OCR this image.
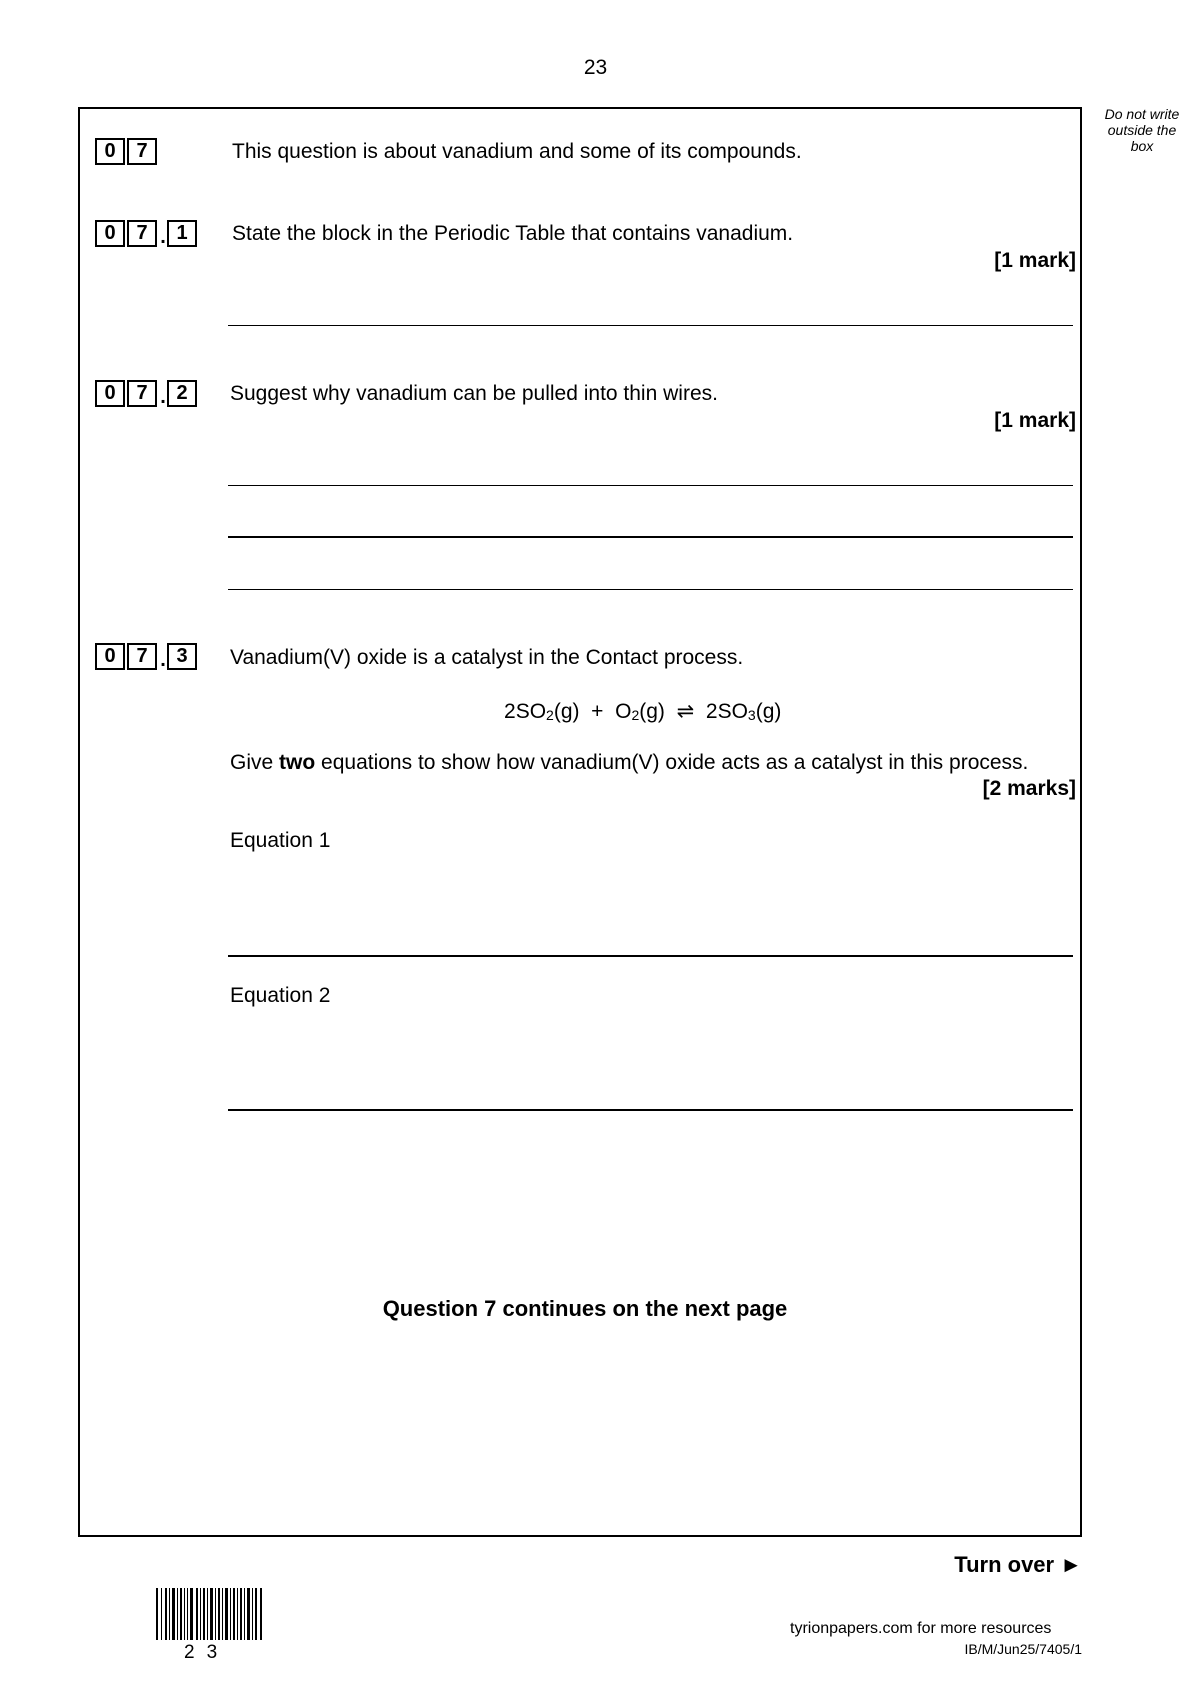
23
Do not write outside the box
0	7	This question is about vanadium and some of its compounds.
0	7 . 1	State the block in the Periodic Table that contains vanadium.
[1 mark]
0	7 . 2	Suggest why vanadium can be pulled into thin wires.
[1 mark]
0	7 . 3	Vanadium(V) oxide is a catalyst in the Contact process.
$2SO_2(g) + O_2(g)$ ⇌ $2SO_3(g)$
Give two equations to show how vanadium(V) oxide acts as a catalyst in this process.
[2 marks]
Equation 1
Equation 2
Question 7 continues on the next page
Turn over ►
23
tyrionpapers.com for more resources
IB/M/Jun25/7405/1
